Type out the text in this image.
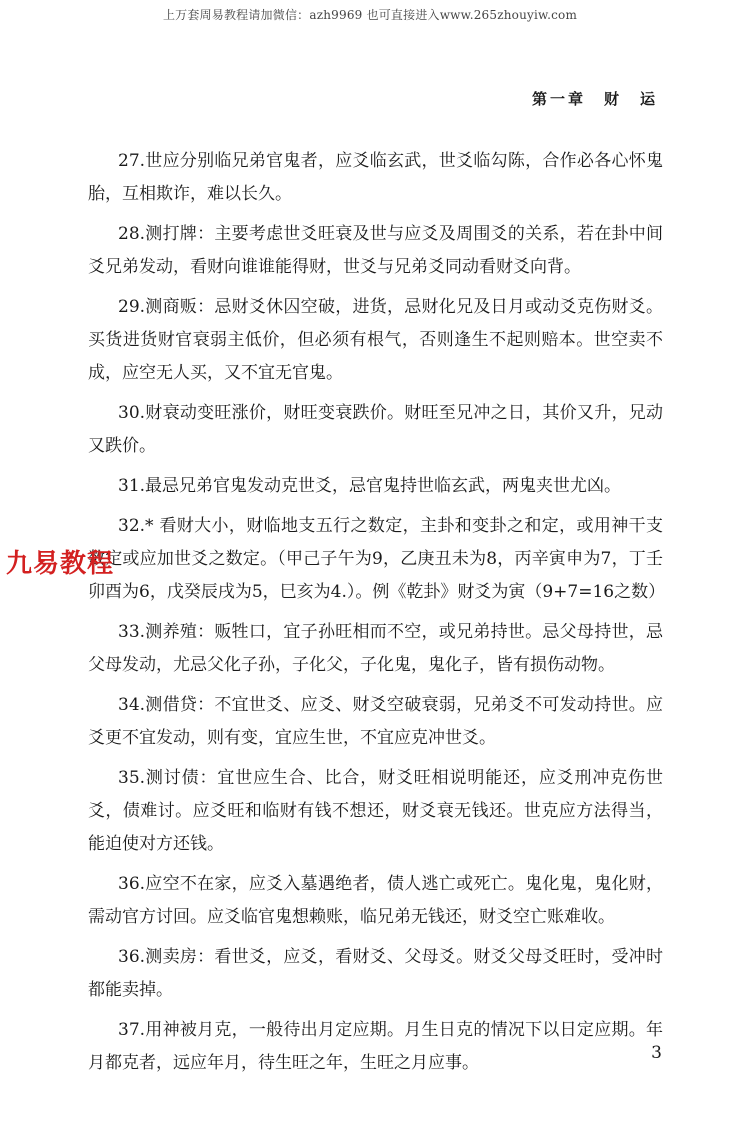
上万套周易教程请加微信：azh9969 也可直接进入www.265zhouyiw.com
第一章　财　运

27.世应分别临兄弟官鬼者，应爻临玄武，世爻临勾陈，合作必各心怀鬼胎，互相欺诈，难以长久。

28.测打牌：主要考虑世爻旺衰及世与应爻及周围爻的关系，若在卦中间爻兄弟发动，看财向谁谁能得财，世爻与兄弟爻同动看财爻向背。

29.测商贩：忌财爻休囚空破，进货，忌财化兄及日月或动爻克伤财爻。买货进货财官衰弱主低价，但必须有根气，否则逢生不起则赔本。世空卖不成，应空无人买，又不宜无官鬼。

30.财衰动变旺涨价，财旺变衰跌价。财旺至兄冲之日，其价又升，兄动又跌价。

31.最忌兄弟官鬼发动克世爻，忌官鬼持世临玄武，两鬼夹世尤凶。

32.* 看财大小，财临地支五行之数定，主卦和变卦之和定，或用神干支数定或应加世爻之数定。（甲己子午为9，乙庚丑未为8，丙辛寅申为7，丁壬卯酉为6，戊癸辰戌为5，巳亥为4.）。例《乾卦》财爻为寅（9+7=16之数）

33.测养殖：贩牲口，宜子孙旺相而不空，或兄弟持世。忌父母持世，忌父母发动，尤忌父化子孙，子化父，子化鬼，鬼化子，皆有损伤动物。

34.测借贷：不宜世爻、应爻、财爻空破衰弱，兄弟爻不可发动持世。应爻更不宜发动，则有变，宜应生世，不宜应克冲世爻。

35.测讨债：宜世应生合、比合，财爻旺相说明能还，应爻刑冲克伤世爻，债难讨。应爻旺和临财有钱不想还，财爻衰无钱还。世克应方法得当，能迫使对方还钱。

36.应空不在家，应爻入墓遇绝者，债人逃亡或死亡。鬼化鬼，鬼化财，需动官方讨回。应爻临官鬼想赖账，临兄弟无钱还，财爻空亡账难收。

36.测卖房：看世爻，应爻，看财爻、父母爻。财爻父母爻旺时，受冲时都能卖掉。

37.用神被月克，一般待出月定应期。月生日克的情况下以日定应期。年月都克者，远应年月，待生旺之年，生旺之月应事。

九易教程
3
